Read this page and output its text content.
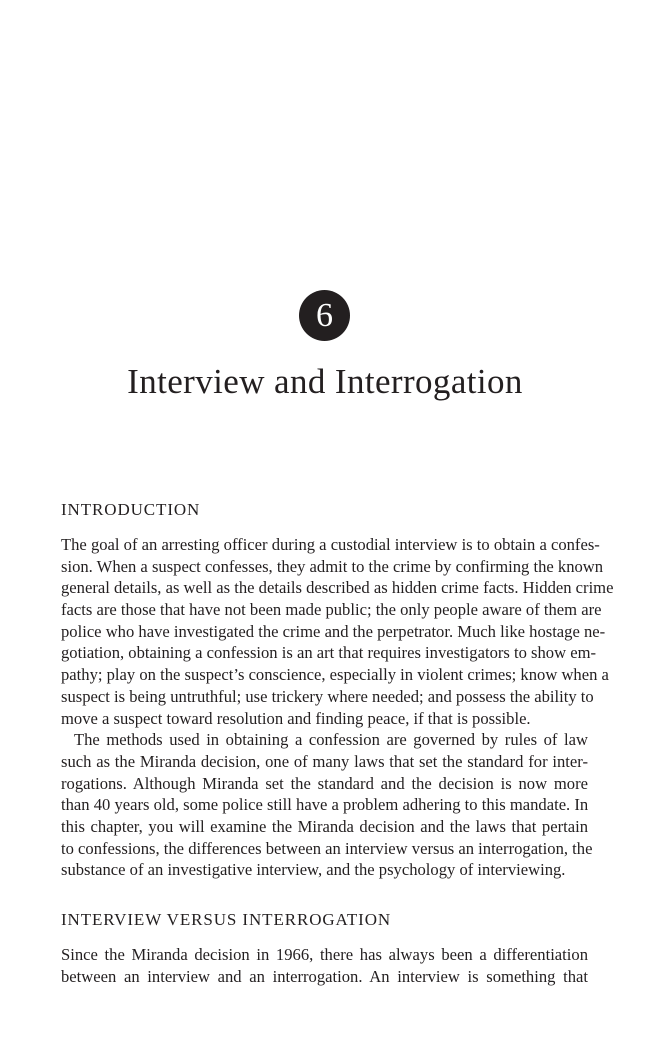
6
Interview and Interrogation
INTRODUCTION
The goal of an arresting officer during a custodial interview is to obtain a confes-
sion. When a suspect confesses, they admit to the crime by confirming the known
general details, as well as the details described as hidden crime facts. Hidden crime
facts are those that have not been made public; the only people aware of them are
police who have investigated the crime and the perpetrator. Much like hostage ne-
gotiation, obtaining a confession is an art that requires investigators to show em-
pathy; play on the suspect’s conscience, especially in violent crimes; know when a
suspect is being untruthful; use trickery where needed; and possess the ability to
move a suspect toward resolution and finding peace, if that is possible.
The methods used in obtaining a confession are governed by rules of law
such as the Miranda decision, one of many laws that set the standard for inter-
rogations. Although Miranda set the standard and the decision is now more
than 40 years old, some police still have a problem adhering to this mandate. In
this chapter, you will examine the Miranda decision and the laws that pertain
to confessions, the differences between an interview versus an interrogation, the
substance of an investigative interview, and the psychology of interviewing.
INTERVIEW VERSUS INTERROGATION
Since the Miranda decision in 1966, there has always been a differentiation
between an interview and an interrogation. An interview is something that
